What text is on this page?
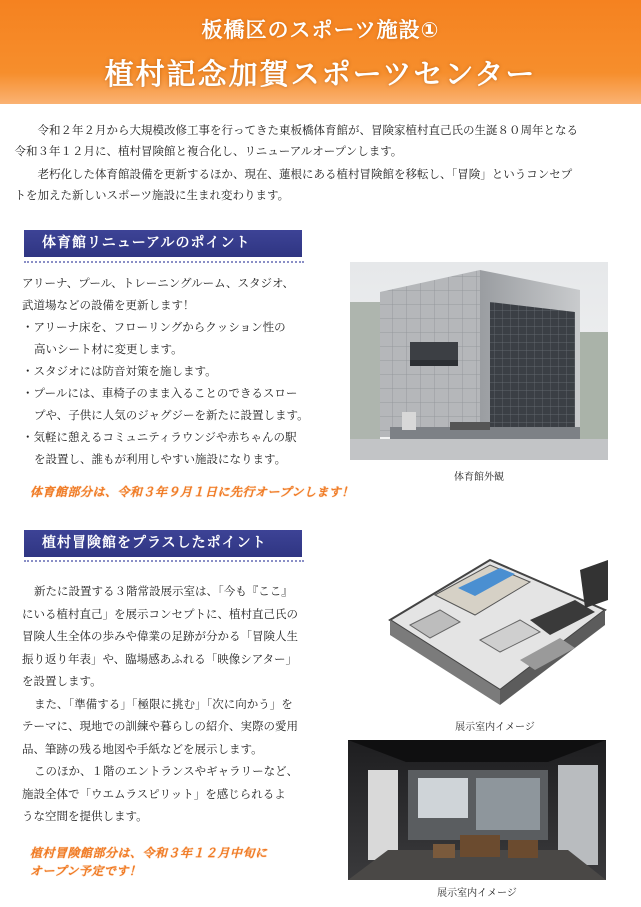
板橋区のスポーツ施設①
植村記念加賀スポーツセンター

令和２年２月から大規模改修工事を行ってきた東板橋体育館が、冒険家植村直己氏の生誕８０周年となる
令和３年１２月に、植村冒険館と複合化し、リニューアルオープンします。

老朽化した体育館設備を更新するほか、現在、蓮根にある植村冒険館を移転し、「冒険」というコンセプ
トを加えた新しいスポーツ施設に生まれ変わります。

体育館リニューアルのポイント
アリーナ、プール、トレーニングルーム、スタジオ、
武道場などの設備を更新します！
・アリーナ床を、フローリングからクッション性の
高いシート材に変更します。
・スタジオには防音対策を施します。
・プールには、車椅子のまま入ることのできるスロー
プや、子供に人気のジャグジーを新たに設置します。
・気軽に憩えるコミュニティラウンジや赤ちゃんの駅
を設置し、誰もが利用しやすい施設になります。
体育館部分は、令和３年９月１日に先行オープンします！
体育館外観
植村冒険館をプラスしたポイント
新たに設置する３階常設展示室は、「今も『ここ』
にいる植村直己」を展示コンセプトに、植村直己氏の
冒険人生全体の歩みや偉業の足跡が分かる「冒険人生
振り返り年表」や、臨場感あふれる「映像シアター」
を設置します。
また、「準備する」「極限に挑む」「次に向かう」を
テーマに、現地での訓練や暮らしの紹介、実際の愛用
品、筆跡の残る地図や手紙などを展示します。
このほか、１階のエントランスやギャラリーなど、
施設全体で「ウエムラスピリット」を感じられるよ
うな空間を提供します。
植村冒険館部分は、令和３年１２月中旬に
オープン予定です！
展示室内イメージ
展示室内イメージ
